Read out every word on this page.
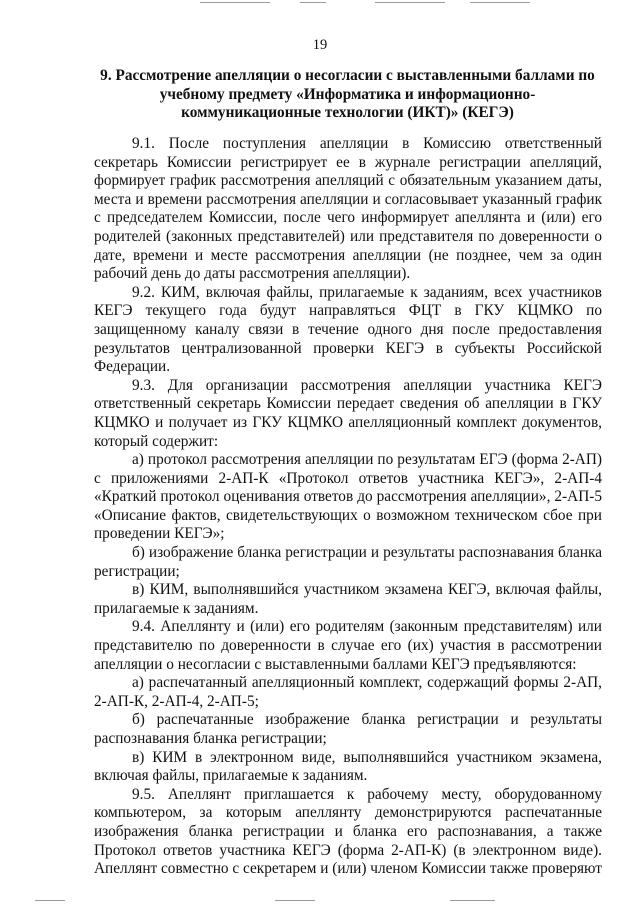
19
9. Рассмотрение апелляции о несогласии с выставленными баллами по учебному предмету «Информатика и информационно-коммуникационные технологии (ИКТ)» (КЕГЭ)

9.1. После поступления апелляции в Комиссию ответственный секретарь Комиссии регистрирует ее в журнале регистрации апелляций, формирует график рассмотрения апелляций с обязательным указанием даты, места и времени рассмотрения апелляции и согласовывает указанный график с председателем Комиссии, после чего информирует апеллянта и (или) его родителей (законных представителей) или представителя по доверенности о дате, времени и месте рассмотрения апелляции (не позднее, чем за один рабочий день до даты рассмотрения апелляции).

9.2. КИМ, включая файлы, прилагаемые к заданиям, всех участников КЕГЭ текущего года будут направляться ФЦТ в ГКУ КЦМКО по защищенному каналу связи в течение одного дня после предоставления результатов централизованной проверки КЕГЭ в субъекты Российской Федерации.

9.3. Для организации рассмотрения апелляции участника КЕГЭ ответственный секретарь Комиссии передает сведения об апелляции в ГКУ КЦМКО и получает из ГКУ КЦМКО апелляционный комплект документов, который содержит:

а) протокол рассмотрения апелляции по результатам ЕГЭ (форма 2-АП) с приложениями 2-АП-К «Протокол ответов участника КЕГЭ», 2-АП-4 «Краткий протокол оценивания ответов до рассмотрения апелляции», 2-АП-5 «Описание фактов, свидетельствующих о возможном техническом сбое при проведении КЕГЭ»;

б) изображение бланка регистрации и результаты распознавания бланка регистрации;

в) КИМ, выполнявшийся участником экзамена КЕГЭ, включая файлы, прилагаемые к заданиям.

9.4. Апеллянту и (или) его родителям (законным представителям) или представителю по доверенности в случае его (их) участия в рассмотрении апелляции о несогласии с выставленными баллами КЕГЭ предъявляются:

а) распечатанный апелляционный комплект, содержащий формы 2-АП, 2-АП-К, 2-АП-4, 2-АП-5;

б) распечатанные изображение бланка регистрации и результаты распознавания бланка регистрации;

в) КИМ в электронном виде, выполнявшийся участником экзамена, включая файлы, прилагаемые к заданиям.

9.5. Апеллянт приглашается к рабочему месту, оборудованному компьютером, за которым апеллянту демонстрируются распечатанные изображения бланка регистрации и бланка его распознавания, а также Протокол ответов участника КЕГЭ (форма 2-АП-К) (в электронном виде). Апеллянт совместно с секретарем и (или) членом Комиссии также проверяют
